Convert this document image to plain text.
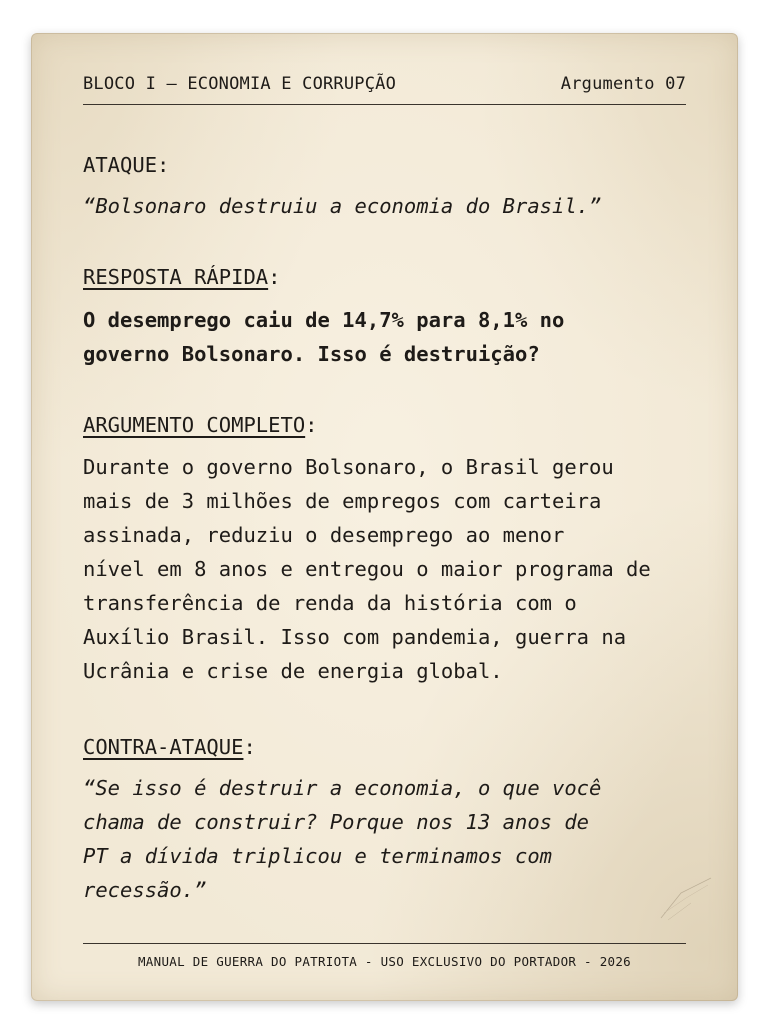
BLOCO I — ECONOMIA E CORRUPÇÃO	Argumento 07
ATAQUE:
“Bolsonaro destruiu a economia do Brasil.”
RESPOSTA RÁPIDA:
O desemprego caiu de 14,7% para 8,1% no
governo Bolsonaro. Isso é destruição?
ARGUMENTO COMPLETO:
Durante o governo Bolsonaro, o Brasil gerou
mais de 3 milhões de empregos com carteira
assinada, reduziu o desemprego ao menor
nível em 8 anos e entregou o maior programa de
transferência de renda da história com o
Auxílio Brasil. Isso com pandemia, guerra na
Ucrânia e crise de energia global.
CONTRA-ATAQUE:
“Se isso é destruir a economia, o que você
chama de construir? Porque nos 13 anos de
PT a dívida triplicou e terminamos com
recessão.”
MANUAL DE GUERRA DO PATRIOTA - USO EXCLUSIVO DO PORTADOR - 2026
